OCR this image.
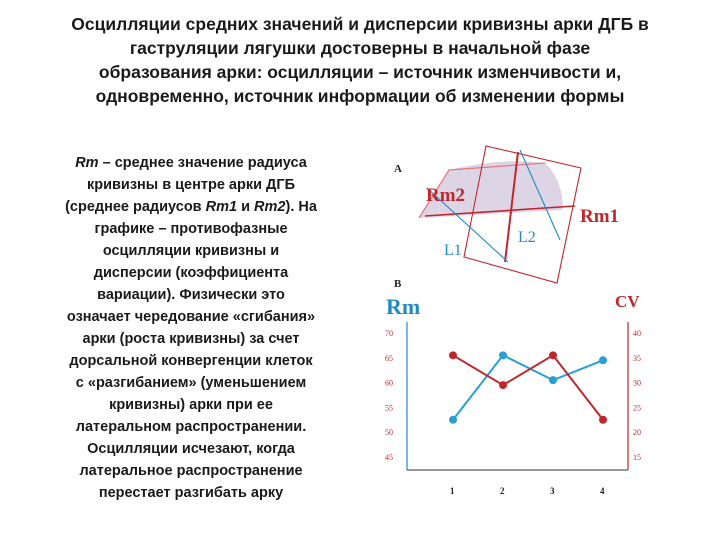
Осцилляции средних значений и дисперсии кривизны арки ДГБ в
гаструляции лягушки достоверны в начальной фазе
образования арки: осцилляции – источник изменчивости и,
одновременно, источник информации об изменении формы
Rm – среднее значение радиуса
кривизны в центре арки ДГБ
(среднее радиусов Rm1 и Rm2). На
графике – противофазные
осцилляции кривизны и
дисперсии (коэффициента
вариации). Физически это
означает чередование «сгибания»
арки (роста кривизны) за счет
дорсальной конвергенции клеток
с «разгибанием» (уменьшением
кривизны) арки при ее
латеральном распространении.
Осцилляции исчезают, когда
латеральное распространение
перестает разгибать арку
A
Rm2
Rm1
L1
L2
B
Rm	CV
70
65
60
55
50
45
40
35
30
25
20
15
1	2	3	4
